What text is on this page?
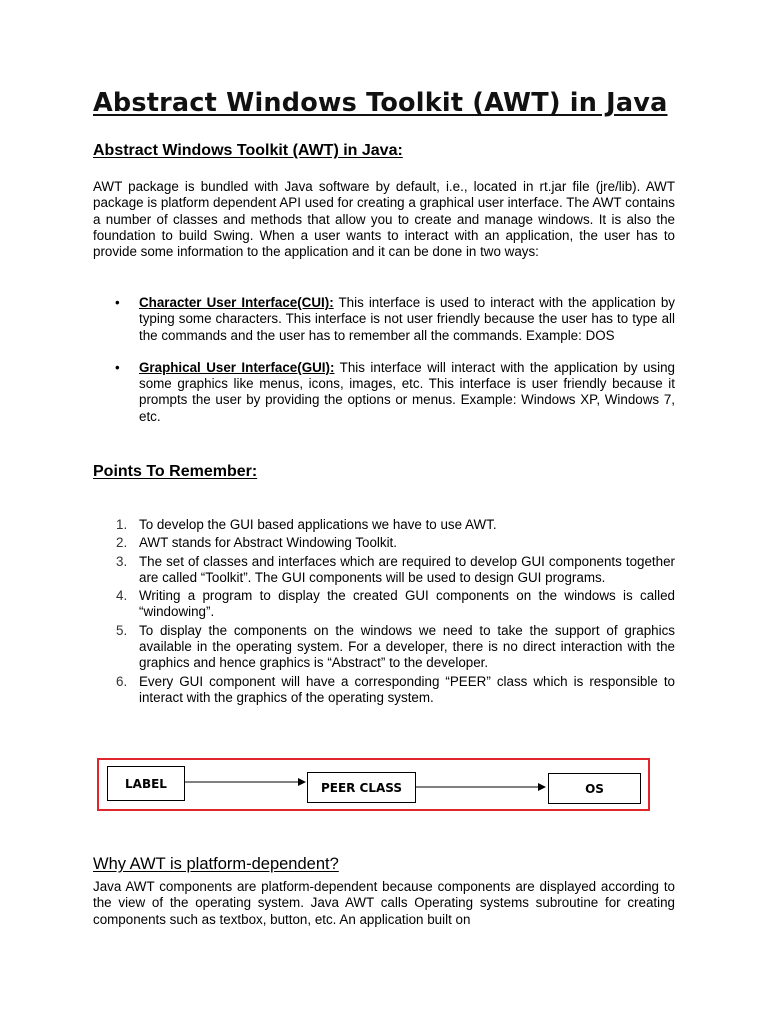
Abstract Windows Toolkit (AWT) in Java
Abstract Windows Toolkit (AWT) in Java:

AWT package is bundled with Java software by default, i.e., located in rt.jar file (jre/lib). AWT package is platform dependent API used for creating a graphical user interface. The AWT contains a number of classes and methods that allow you to create and manage windows. It is also the foundation to build Swing. When a user wants to interact with an application, the user has to provide some information to the application and it can be done in two ways:

• Character User Interface(CUI): This interface is used to interact with the application by typing some characters. This interface is not user friendly because the user has to type all the commands and the user has to remember all the commands. Example: DOS
• Graphical User Interface(GUI): This interface will interact with the application by using some graphics like menus, icons, images, etc. This interface is user friendly because it prompts the user by providing the options or menus. Example: Windows XP, Windows 7, etc.
Points To Remember:
1. To develop the GUI based applications we have to use AWT.
2. AWT stands for Abstract Windowing Toolkit.
3. The set of classes and interfaces which are required to develop GUI components together are called “Toolkit”. The GUI components will be used to design GUI programs.
4. Writing a program to display the created GUI components on the windows is called “windowing”.
5. To display the components on the windows we need to take the support of graphics available in the operating system. For a developer, there is no direct interaction with the graphics and hence graphics is “Abstract” to the developer.
6. Every GUI component will have a corresponding “PEER” class which is responsible to interact with the graphics of the operating system.
LABEL	PEER CLASS	OS
Why AWT is platform-dependent?

Java AWT components are platform-dependent because components are displayed according to the view of the operating system. Java AWT calls Operating systems subroutine for creating components such as textbox, button, etc. An application built on
